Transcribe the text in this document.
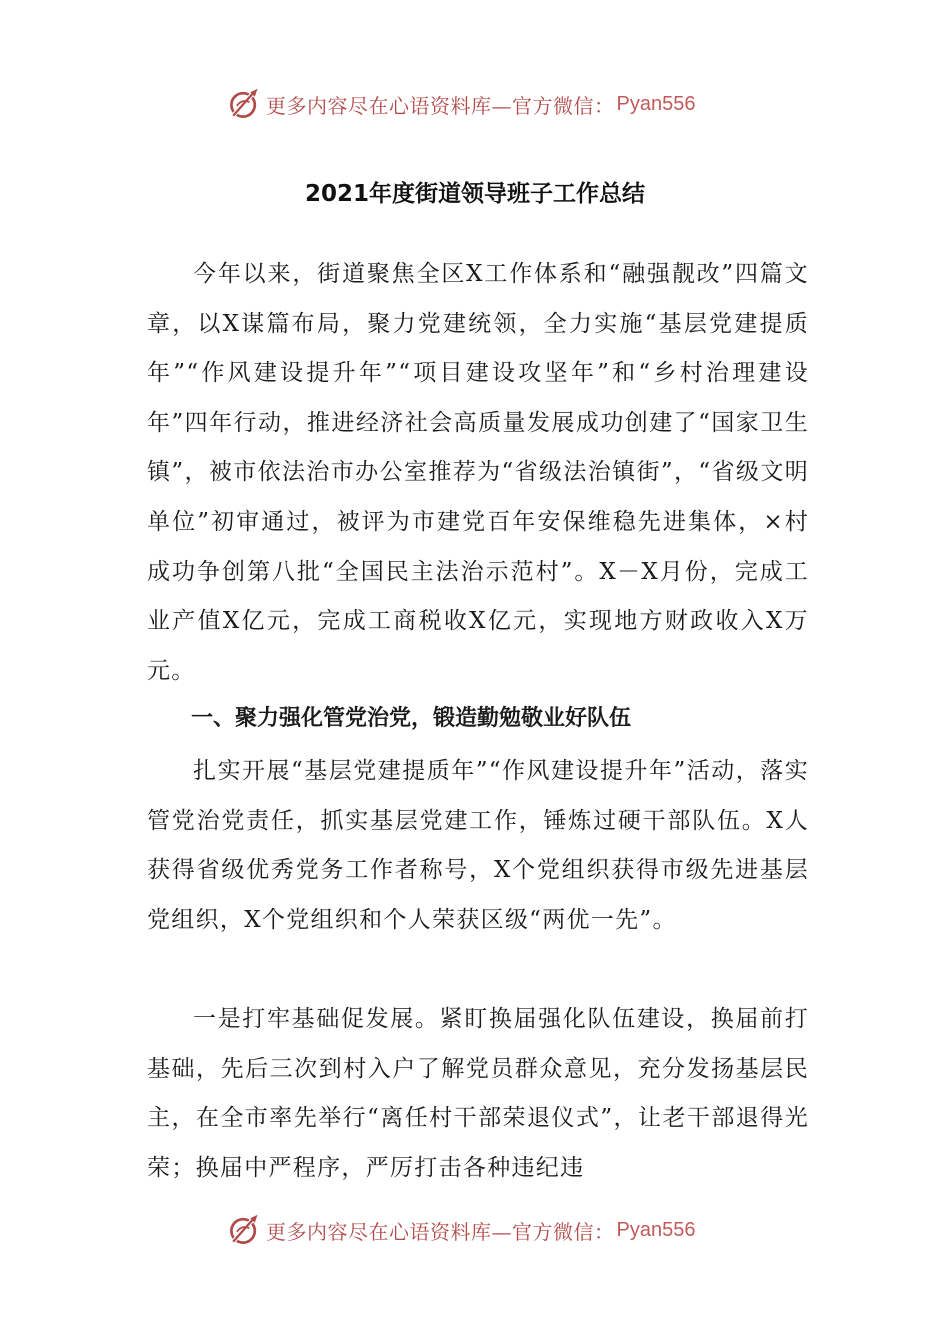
更多内容尽在心语资料库—官方微信： Pyan556
2021年度街道领导班子工作总结

今年以来，街道聚焦全区X工作体系和“融强靓改”四篇文章，以X谋篇布局，聚力党建统领，全力实施“基层党建提质年”“作风建设提升年”“项目建设攻坚年”和“乡村治理建设年”四年行动，推进经济社会高质量发展成功创建了“国家卫生镇”，被市依法治市办公室推荐为“省级法治镇街”，“省级文明单位”初审通过，被评为市建党百年安保维稳先进集体，×村成功争创第八批“全国民主法治示范村”。X－X月份，完成工业产值X亿元，完成工商税收X亿元，实现地方财政收入X万元。

一、聚力强化管党治党，锻造勤勉敬业好队伍

扎实开展“基层党建提质年”“作风建设提升年”活动，落实管党治党责任，抓实基层党建工作，锤炼过硬干部队伍。X人获得省级优秀党务工作者称号，X个党组织获得市级先进基层党组织，X个党组织和个人荣获区级“两优一先”。

一是打牢基础促发展。紧盯换届强化队伍建设，换届前打基础，先后三次到村入户了解党员群众意见，充分发扬基层民主，在全市率先举行“离任村干部荣退仪式”，让老干部退得光荣；换届中严程序，严厉打击各种违纪违

更多内容尽在心语资料库—官方微信： Pyan556
